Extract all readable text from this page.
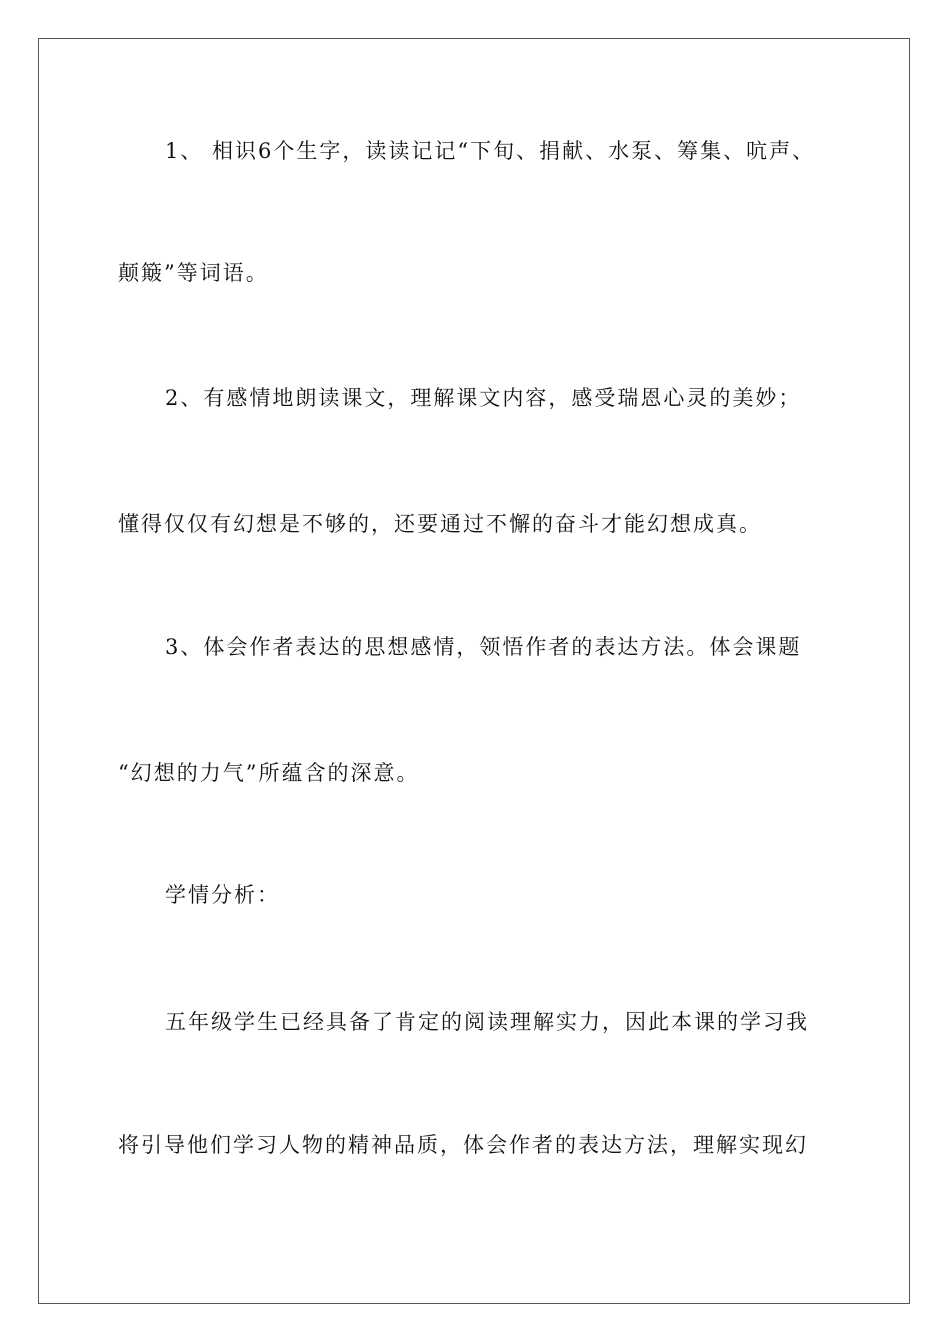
1、 相识6个生字，读读记记“下旬、捐献、水泵、筹集、吭声、
颠簸”等词语。
2、有感情地朗读课文，理解课文内容，感受瑞恩心灵的美妙；
懂得仅仅有幻想是不够的，还要通过不懈的奋斗才能幻想成真。
3、体会作者表达的思想感情，领悟作者的表达方法。体会课题
“幻想的力气”所蕴含的深意。
学情分析：
五年级学生已经具备了肯定的阅读理解实力，因此本课的学习我
将引导他们学习人物的精神品质，体会作者的表达方法，理解实现幻
